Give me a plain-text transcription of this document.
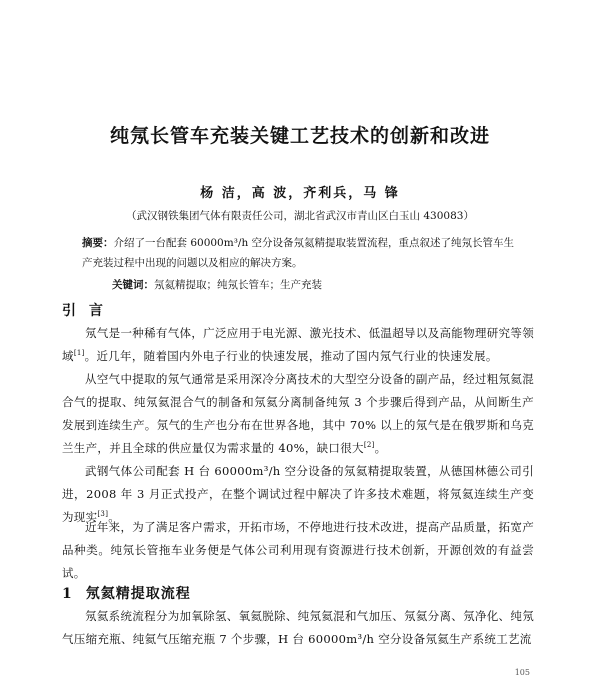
纯氖长管车充装关键工艺技术的创新和改进
杨 洁，高 波，齐利兵，马 锋
（武汉钢铁集团气体有限责任公司，湖北省武汉市青山区白玉山 430083）
摘要：介绍了一台配套 60000m³/h 空分设备氖氦精提取装置流程，重点叙述了纯氖长管车生产充装过程中出现的问题以及相应的解决方案。
关键词：氖氦精提取；纯氖长管车；生产充装
引 言
氖气是一种稀有气体，广泛应用于电光源、激光技术、低温超导以及高能物理研究等领域[1]。近几年，随着国内外电子行业的快速发展，推动了国内氖气行业的快速发展。
从空气中提取的氖气通常是采用深冷分离技术的大型空分设备的副产品，经过粗氖氦混合气的提取、纯氖氦混合气的制备和氖氦分离制备纯氖 3 个步骤后得到产品，从间断生产发展到连续生产。氖气的生产也分布在世界各地，其中 70% 以上的氖气是在俄罗斯和乌克兰生产，并且全球的供应量仅为需求量的 40%，缺口很大[2]。
武钢气体公司配套 H 台 60000m³/h 空分设备的氖氦精提取装置，从德国林德公司引进，2008 年 3 月正式投产，在整个调试过程中解决了许多技术难题，将氖氦连续生产变为现实[3]。
近年来，为了满足客户需求，开拓市场，不停地进行技术改进，提高产品质量，拓宽产品种类。纯氖长管拖车业务便是气体公司利用现有资源进行技术创新，开源创效的有益尝试。
1 氖氦精提取流程
氖氦系统流程分为加氧除氢、氧氦脱除、纯氖氦混和气加压、氖氦分离、氖净化、纯氖气压缩充瓶、纯氦气压缩充瓶 7 个步骤，H 台 60000m³/h 空分设备氖氦生产系统工艺流
105
